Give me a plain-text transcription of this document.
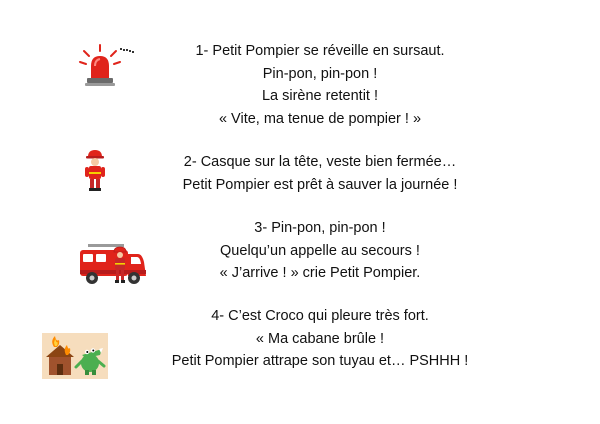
1- Petit Pompier se réveille en sursaut.
Pin-pon, pin-pon !
La sirène retentit !
« Vite, ma tenue de pompier ! »
2- Casque sur la tête, veste bien fermée…
Petit Pompier est prêt à sauver la journée !
3- Pin-pon, pin-pon !
Quelqu’un appelle au secours !
« J’arrive ! » crie Petit Pompier.
4- C’est Croco qui pleure très fort.
« Ma cabane brûle !
Petit Pompier attrape son tuyau et… PSHHH !
